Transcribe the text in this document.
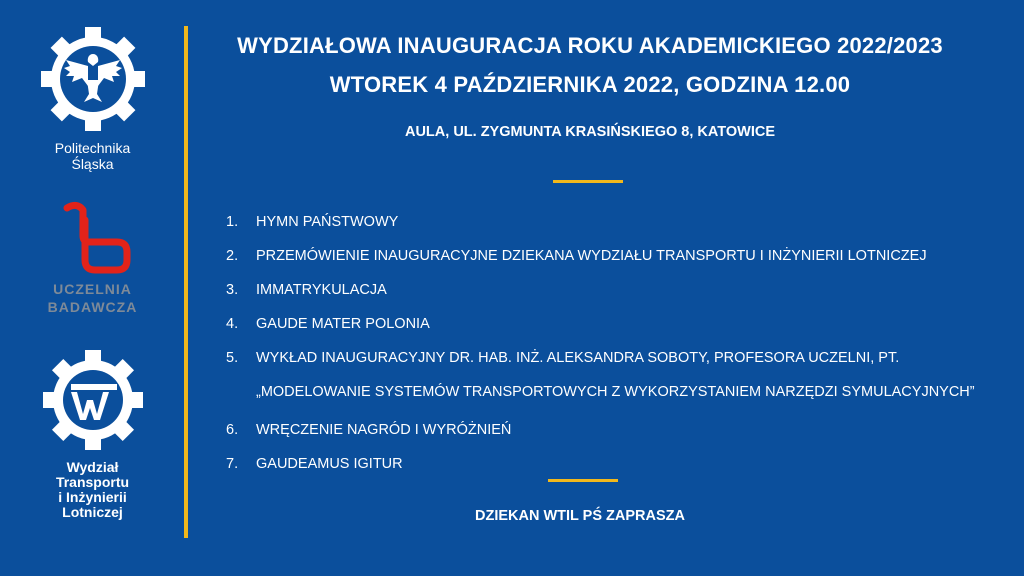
Politechnika
Śląska
UCZELNIA
BADAWCZA
Wydział
Transportu
i Inżynierii
Lotniczej
WYDZIAŁOWA INAUGURACJA ROKU AKADEMICKIEGO 2022/2023
WTOREK 4 PAŹDZIERNIKA 2022, GODZINA 12.00
AULA, UL. ZYGMUNTA KRASIŃSKIEGO 8, KATOWICE
1.	HYMN PAŃSTWOWY
2.	PRZEMÓWIENIE INAUGURACYJNE DZIEKANA WYDZIAŁU TRANSPORTU I INŻYNIERII LOTNICZEJ
3.	IMMATRYKULACJA
4.	GAUDE MATER POLONIA
5.	WYKŁAD INAUGURACYJNY DR. HAB. INŻ. ALEKSANDRA SOBOTY, PROFESORA UCZELNI, PT.
„MODELOWANIE SYSTEMÓW TRANSPORTOWYCH Z WYKORZYSTANIEM NARZĘDZI SYMULACYJNYCH”
6.	WRĘCZENIE NAGRÓD I WYRÓŻNIEŃ
7.	GAUDEAMUS IGITUR
DZIEKAN WTIL PŚ ZAPRASZA
